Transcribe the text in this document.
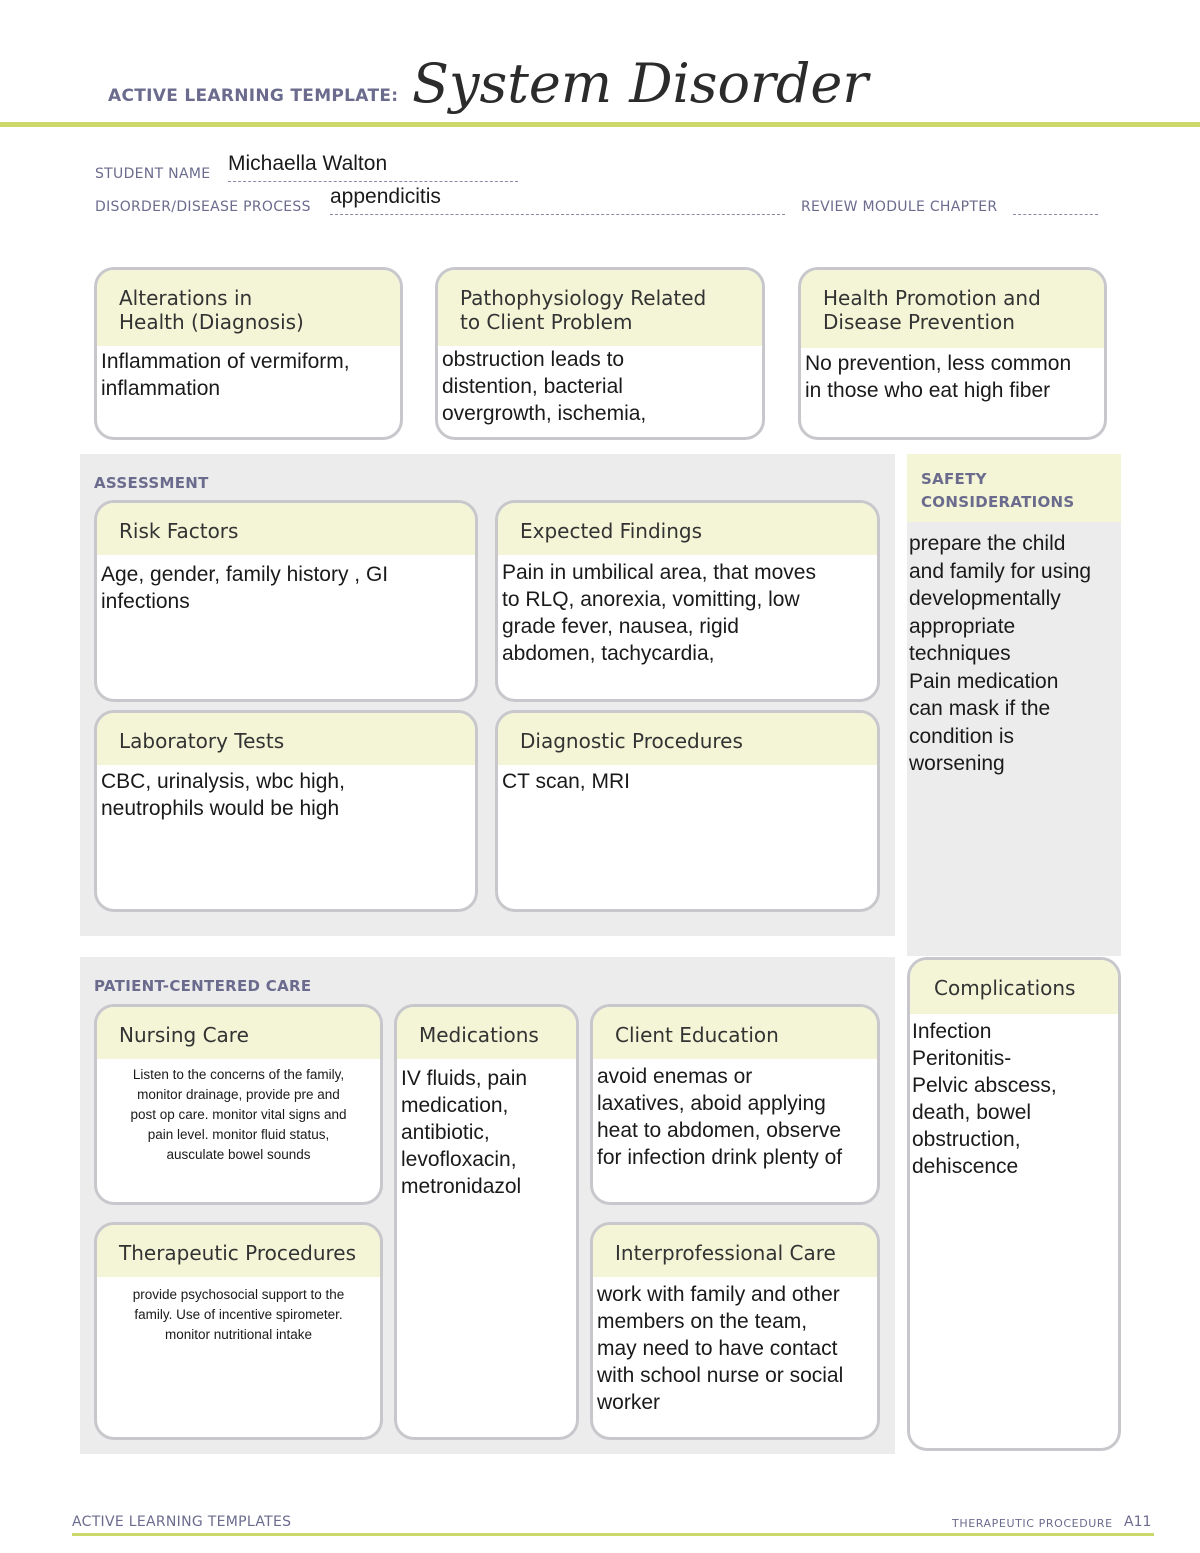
ACTIVE LEARNING TEMPLATE: System Disorder
STUDENT NAME Michaella Walton
DISORDER/DISEASE PROCESS appendicitis	REVIEW MODULE CHAPTER
Alterations in
Health (Diagnosis)
Inflammation of vermiform,
inflammation
Pathophysiology Related
to Client Problem
obstruction leads to
distention, bacterial
overgrowth, ischemia,
Health Promotion and
Disease Prevention
No prevention, less common
in those who eat high fiber
ASSESSMENT
Risk Factors
Age, gender, family history , GI
infections
Expected Findings
Pain in umbilical area, that moves
to RLQ, anorexia, vomitting, low
grade fever, nausea, rigid
abdomen, tachycardia,
Laboratory Tests
CBC, urinalysis, wbc high,
neutrophils would be high
Diagnostic Procedures
CT scan, MRI
SAFETY
CONSIDERATIONS
prepare the child
and family for using
developmentally
appropriate
techniques
Pain medication
can mask if the
condition is
worsening
PATIENT-CENTERED CARE
Nursing Care
Listen to the concerns of the family,
monitor drainage, provide pre and
post op care. monitor vital signs and
pain level. monitor fluid status,
ausculate bowel sounds
Medications
IV fluids, pain
medication,
antibiotic,
levofloxacin,
metronidazol
Client Education
avoid enemas or
laxatives, aboid applying
heat to abdomen, observe
for infection drink plenty of
Therapeutic Procedures
provide psychosocial support to the
family. Use of incentive spirometer.
monitor nutritional intake
Interprofessional Care
work with family and other
members on the team,
may need to have contact
with school nurse or social
worker
Complications
Infection
Peritonitis-
Pelvic abscess,
death, bowel
obstruction,
dehiscence
ACTIVE LEARNING TEMPLATES	THERAPEUTIC PROCEDURE A11
